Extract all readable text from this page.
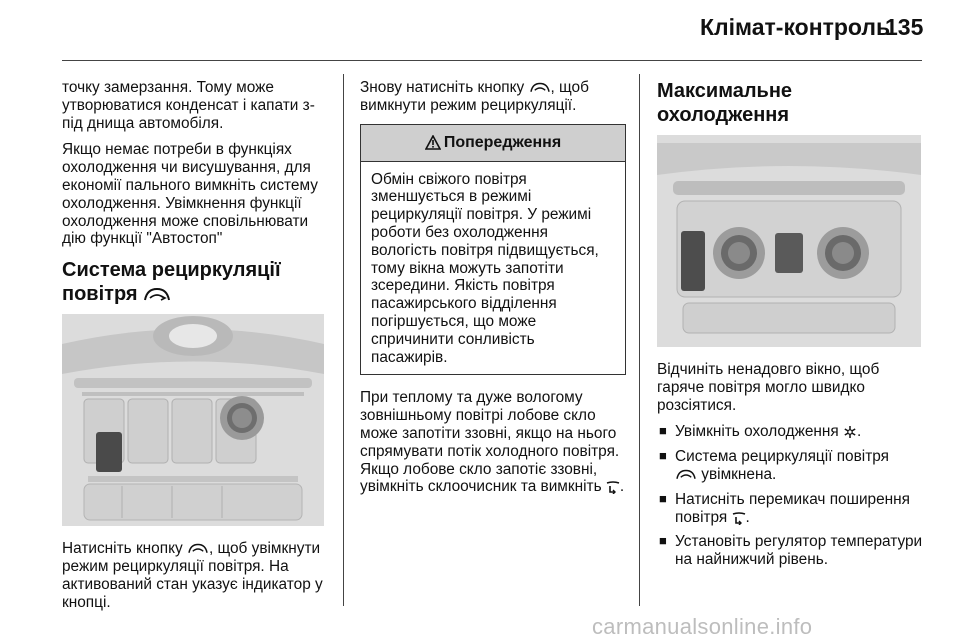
Клімат-контроль
135

точку замерзання. Тому може утворюватися конденсат і капати з-під днища автомобіля.

Якщо немає потреби в функціях охолодження чи висушування, для економії пального вимкніть систему охолодження. Увімкнення функції охолодження може сповільнювати дію функції "Автостоп"

Система рециркуляції
повітря

Натисніть кнопку , щоб увімкнути режим рециркуляції повітря. На активований стан указує індикатор у кнопці.

Знову натисніть кнопку , щоб вимкнути режим рециркуляції.

Попередження
Обмін свіжого повітря зменшується в режимі рециркуляції повітря. У режимі роботи без охолодження вологість повітря підвищується, тому вікна можуть запотіти зсередини. Якість повітря пасажирського відділення погіршується, що може спричинити сонливість пасажирів.

При теплому та дуже вологому зовнішньому повітрі лобове скло може запотіти ззовні, якщо на нього спрямувати потік холодного повітря. Якщо лобове скло запотіє ззовні, увімкніть склоочисник та вимкніть .

Максимальне охолодження

Відчиніть ненадовго вікно, щоб гаряче повітря могло швидко розсіятися.

■ Увімкніть охолодження .
■ Система рециркуляції повітря
увімкнена.
■ Натисніть перемикач поширення повітря .
■ Установіть регулятор температури на найнижчий рівень.
carmanualsonline.info
